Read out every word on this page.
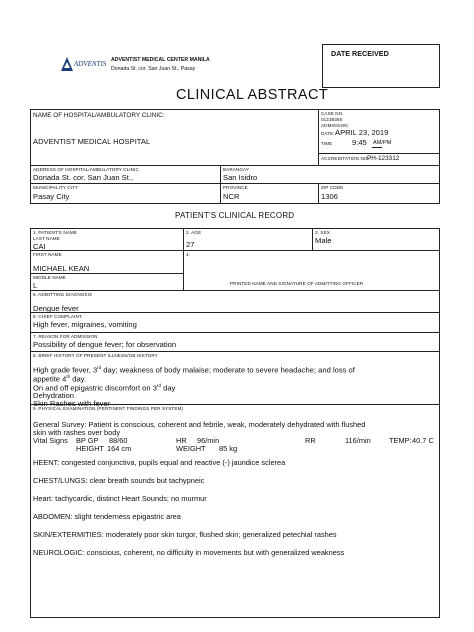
ADVENTIS ADVENTIST MEDICAL CENTER MANILA
Donada St. cor. San Juan St., Pasay
DATE RECEIVED
CLINICAL ABSTRACT
NAME OF HOSPITAL/AMBULATORY CLINIC:
ADVENTIST MEDICAL HOSPITAL
CASE NO.
01238395
ADMISSION:
DATE: APRIL 23, 2019
TIME	9:45 AM/PM
ACCREDITATION NO.:
PH-123312
ADDRESS OF HOSPITAL/AMBULATORY CLINIC
Donada St. cor. San Juan St.,
BARANGAY
San Isidro
MUNICIPALITY CITY
Pasay City
PROVINCE
NCR
ZIP CODE
1306
PATIENT'S CLINICAL RECORD
1. PATIENT'S NAME
LAST NAME
CAI
2. AGE
27
3. SEX
Male
FIRST NAME
MICHAEL KEAN
MIDDLE NAME
L
4.
PRINTED NAME AND SIGNATURE OF ADMITTING OFFICER
5. ADMITTING DIAGNOSIS
Dengue fever
6. CHIEF COMPLAINT
High fever, migraines, vomiting
7. REASON FOR ADMISSION
Possibility of dengue fever; for observation
8. BRIEF HISTORY OF PRESENT ILLNESS/OB HISTORY
High grade fever, 3rd day; weakness of body malaise; moderate to severe headache; and loss of
appetite 4th day.
On and off epigastric discomfort on 3rd day
Dehydration
Skin Rashes with fever
9. PHYSICAL EXAMINATION (PERTINENT FINDINGS PER SYSTEM)
General Survey: Patient is conscious, coherent and febrile, weak, moderately dehydrated with flushed
skin with rashes over body
Vital Signs BP GP 88/60	HR 96/min	RR	116/min TEMP: 40.7 C
HEIGHT 164 cm	WEIGHT 85 kg
HEENT: congested conjunctiva, pupils equal and reactive (-) jaundice sclerea
CHEST/LUNGS: clear breath sounds but tachypneic
Heart: tachycardic, distinct Heart Sounds; no murmur
ABDOMEN: slight tenderness epigastric area
SKIN/EXTERMITIES: moderately poor skin turgor, flushed skin; generalized petechial rashes
NEUROLOGIC: conscious, coherent, no difficulty in movements but with generalized weakness
